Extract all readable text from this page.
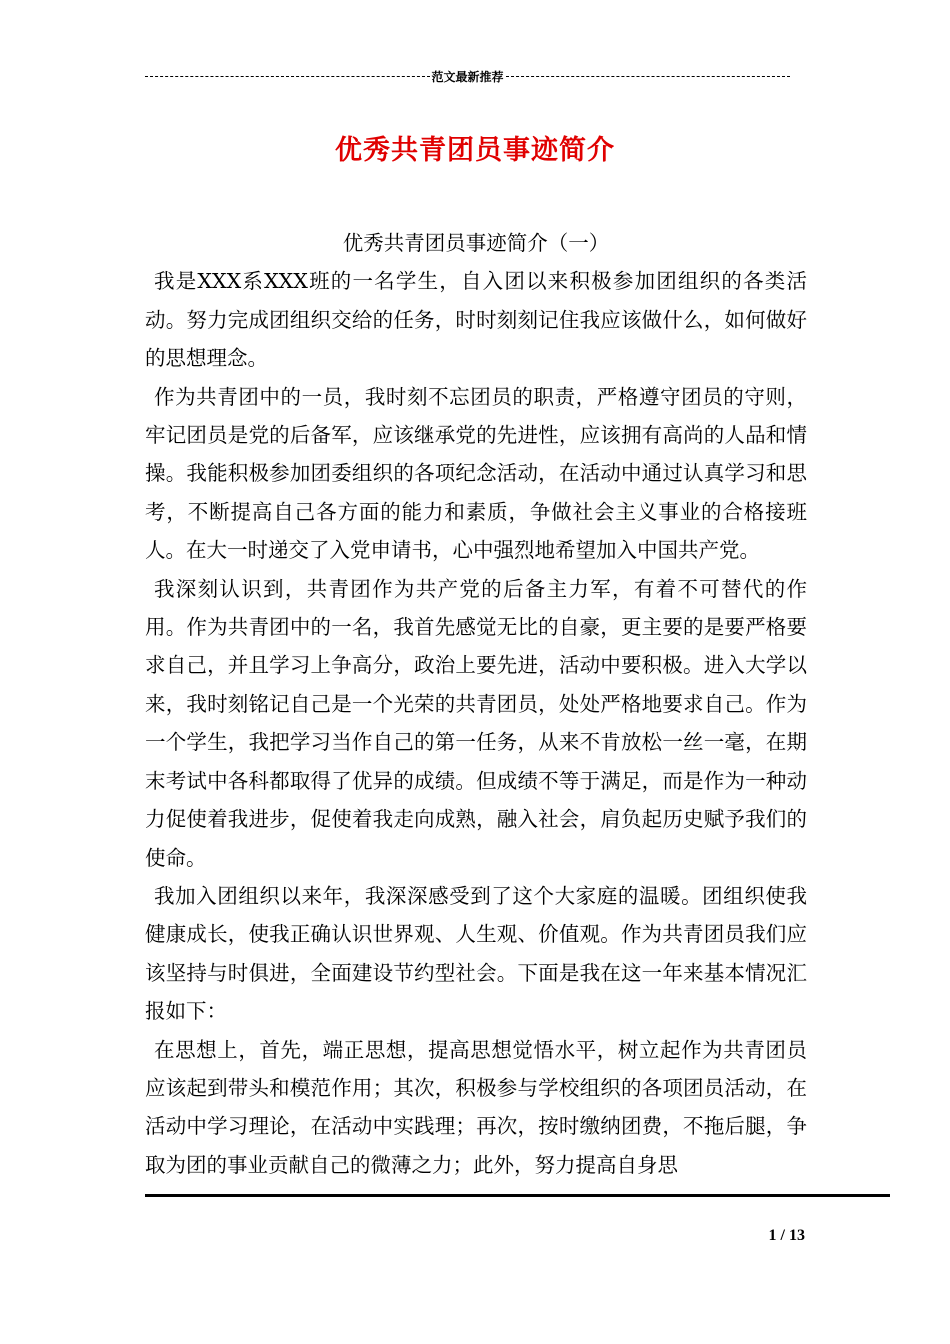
范文最新推荐
优秀共青团员事迹简介

优秀共青团员事迹简介（一）

我是XXX系XXX班的一名学生，自入团以来积极参加团组织的各类活动。努力完成团组织交给的任务，时时刻刻记住我应该做什么，如何做好的思想理念。

作为共青团中的一员，我时刻不忘团员的职责，严格遵守团员的守则，牢记团员是党的后备军，应该继承党的先进性，应该拥有高尚的人品和情操。我能积极参加团委组织的各项纪念活动，在活动中通过认真学习和思考，不断提高自己各方面的能力和素质，争做社会主义事业的合格接班人。在大一时递交了入党申请书，心中强烈地希望加入中国共产党。

我深刻认识到，共青团作为共产党的后备主力军，有着不可替代的作用。作为共青团中的一名，我首先感觉无比的自豪，更主要的是要严格要求自己，并且学习上争高分，政治上要先进，活动中要积极。进入大学以来，我时刻铭记自己是一个光荣的共青团员，处处严格地要求自己。作为一个学生，我把学习当作自己的第一任务，从来不肯放松一丝一毫，在期末考试中各科都取得了优异的成绩。但成绩不等于满足，而是作为一种动力促使着我进步，促使着我走向成熟，融入社会，肩负起历史赋予我们的使命。

我加入团组织以来年，我深深感受到了这个大家庭的温暖。团组织使我健康成长，使我正确认识世界观、人生观、价值观。作为共青团员我们应该坚持与时俱进，全面建设节约型社会。下面是我在这一年来基本情况汇报如下：

在思想上，首先，端正思想，提高思想觉悟水平，树立起作为共青团员应该起到带头和模范作用；其次，积极参与学校组织的各项团员活动，在活动中学习理论，在活动中实践理；再次，按时缴纳团费，不拖后腿，争取为团的事业贡献自己的微薄之力；此外，努力提高自身思

1 / 13
